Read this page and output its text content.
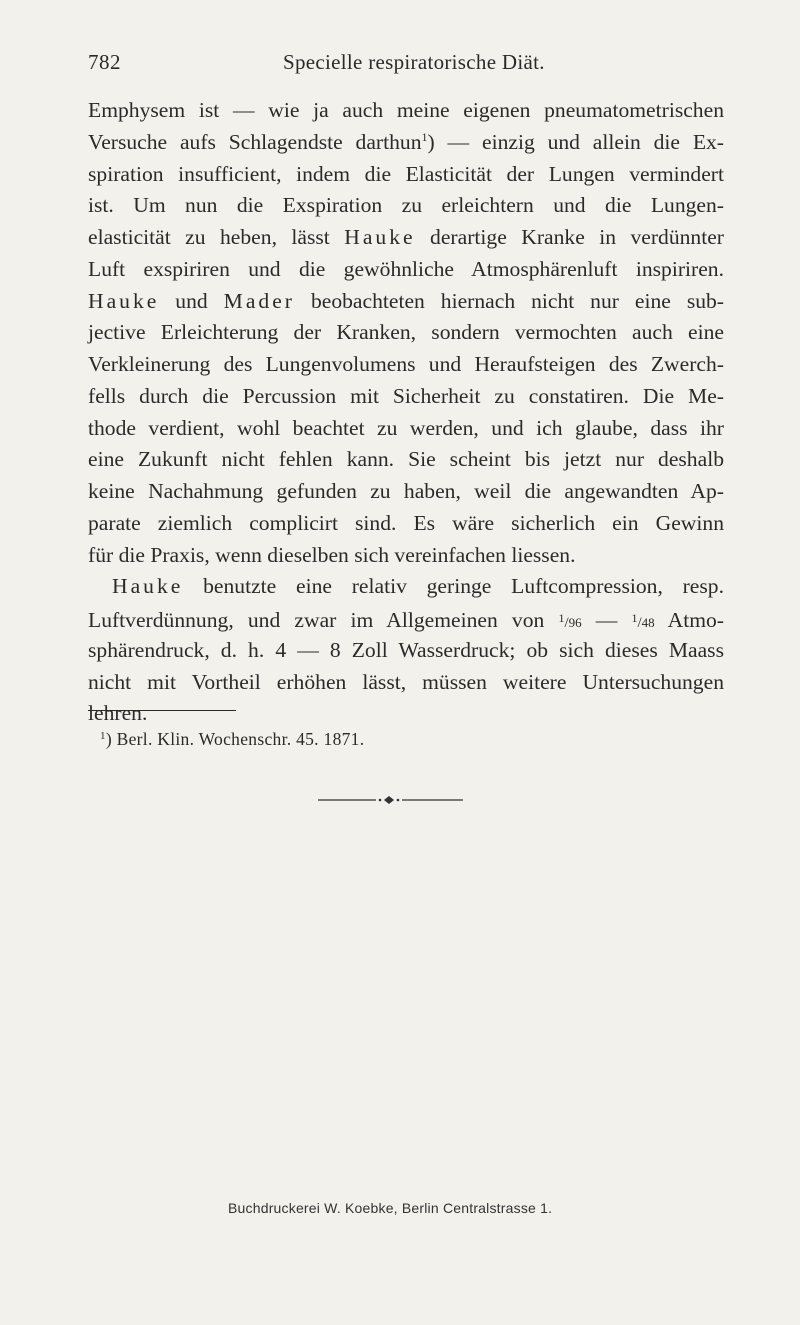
782	Specielle respiratorische Diät.
Emphysem ist — wie ja auch meine eigenen pneumatometrischen
Versuche aufs Schlagendste darthun$^1$) — einzig und allein die Ex-
spiration insufficient, indem die Elasticität der Lungen vermindert
ist. Um nun die Exspiration zu erleichtern und die Lungen-
elasticität zu heben, lässt Hauke derartige Kranke in verdünnter
Luft exspiriren und die gewöhnliche Atmosphärenluft inspiriren.
Hauke und Mader beobachteten hiernach nicht nur eine sub-
jective Erleichterung der Kranken, sondern vermochten auch eine
Verkleinerung des Lungenvolumens und Heraufsteigen des Zwerch-
fells durch die Percussion mit Sicherheit zu constatiren. Die Me-
thode verdient, wohl beachtet zu werden, und ich glaube, dass ihr
eine Zukunft nicht fehlen kann. Sie scheint bis jetzt nur deshalb
keine Nachahmung gefunden zu haben, weil die angewandten Ap-
parate ziemlich complicirt sind. Es wäre sicherlich ein Gewinn
für die Praxis, wenn dieselben sich vereinfachen liessen.
Hauke benutzte eine relativ geringe Luftcompression, resp.
Luftverdünnung, und zwar im Allgemeinen von $^1$/96 — $^1$/48 Atmo-
sphärendruck, d. h. 4 — 8 Zoll Wasserdruck; ob sich dieses Maass
nicht mit Vortheil erhöhen lässt, müssen weitere Untersuchungen
lehren.
$^1$) Berl. Klin. Wochenschr. 45. 1871.
Buchdruckerei W. Koebke, Berlin Centralstrasse 1.
